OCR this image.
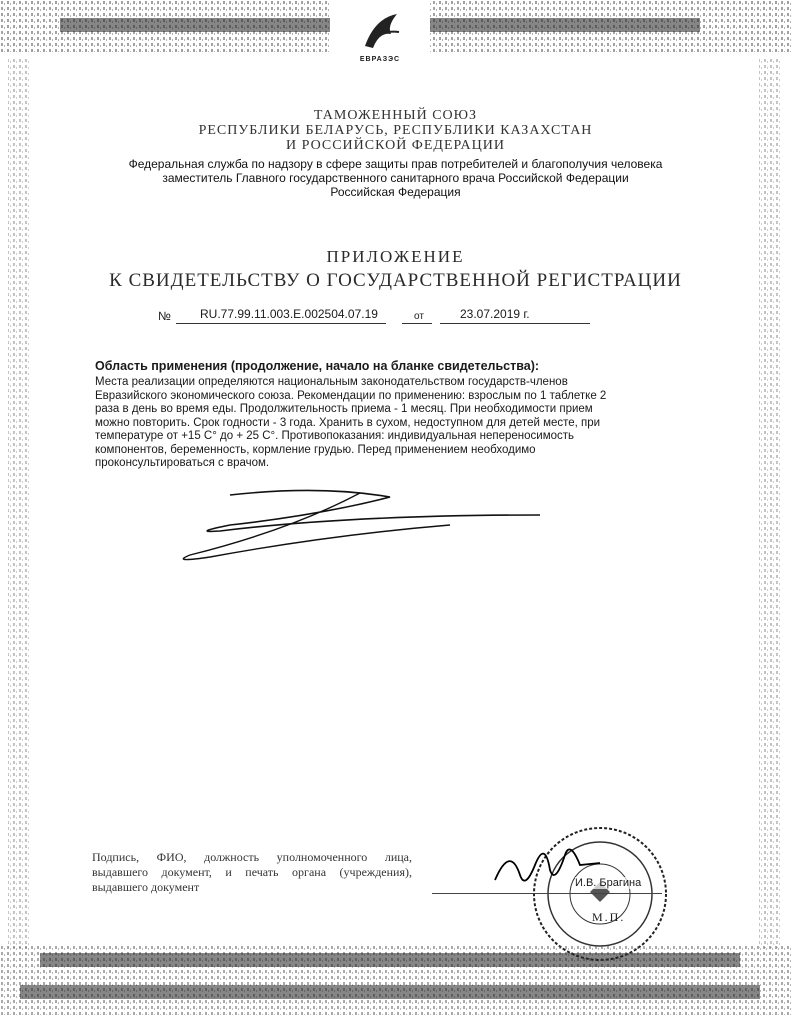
ЕВРАЗЭС
ТАМОЖЕННЫЙ СОЮЗ
РЕСПУБЛИКИ БЕЛАРУСЬ, РЕСПУБЛИКИ КАЗАХСТАН
И РОССИЙСКОЙ ФЕДЕРАЦИИ
Федеральная служба по надзору в сфере защиты прав потребителей и благополучия человека
заместитель Главного государственного санитарного врача Российской Федерации
Российская Федерация
ПРИЛОЖЕНИЕ
К СВИДЕТЕЛЬСТВУ О ГОСУДАРСТВЕННОЙ РЕГИСТРАЦИИ
№ RU.77.99.11.003.E.002504.07.19	от	23.07.2019 г.
Область применения (продолжение, начало на бланке свидетельства):
Места реализации определяются национальным законодательством государств-членов
Евразийского экономического союза. Рекомендации по применению: взрослым по 1 таблетке 2
раза в день во время еды. Продолжительность приема - 1 месяц. При необходимости прием
можно повторить. Срок годности - 3 года. Хранить в сухом, недоступном для детей месте, при
температуре от +15 С° до + 25 С°. Противопоказания: индивидуальная непереносимость
компонентов, беременность, кормление грудью. Перед применением необходимо
проконсультироваться с врачом.
Подпись, ФИО, должность уполномоченного лица, выдавшего документ, и печать органа (учреждения), выдавшего документ	И.В. Брагина
М.П.
